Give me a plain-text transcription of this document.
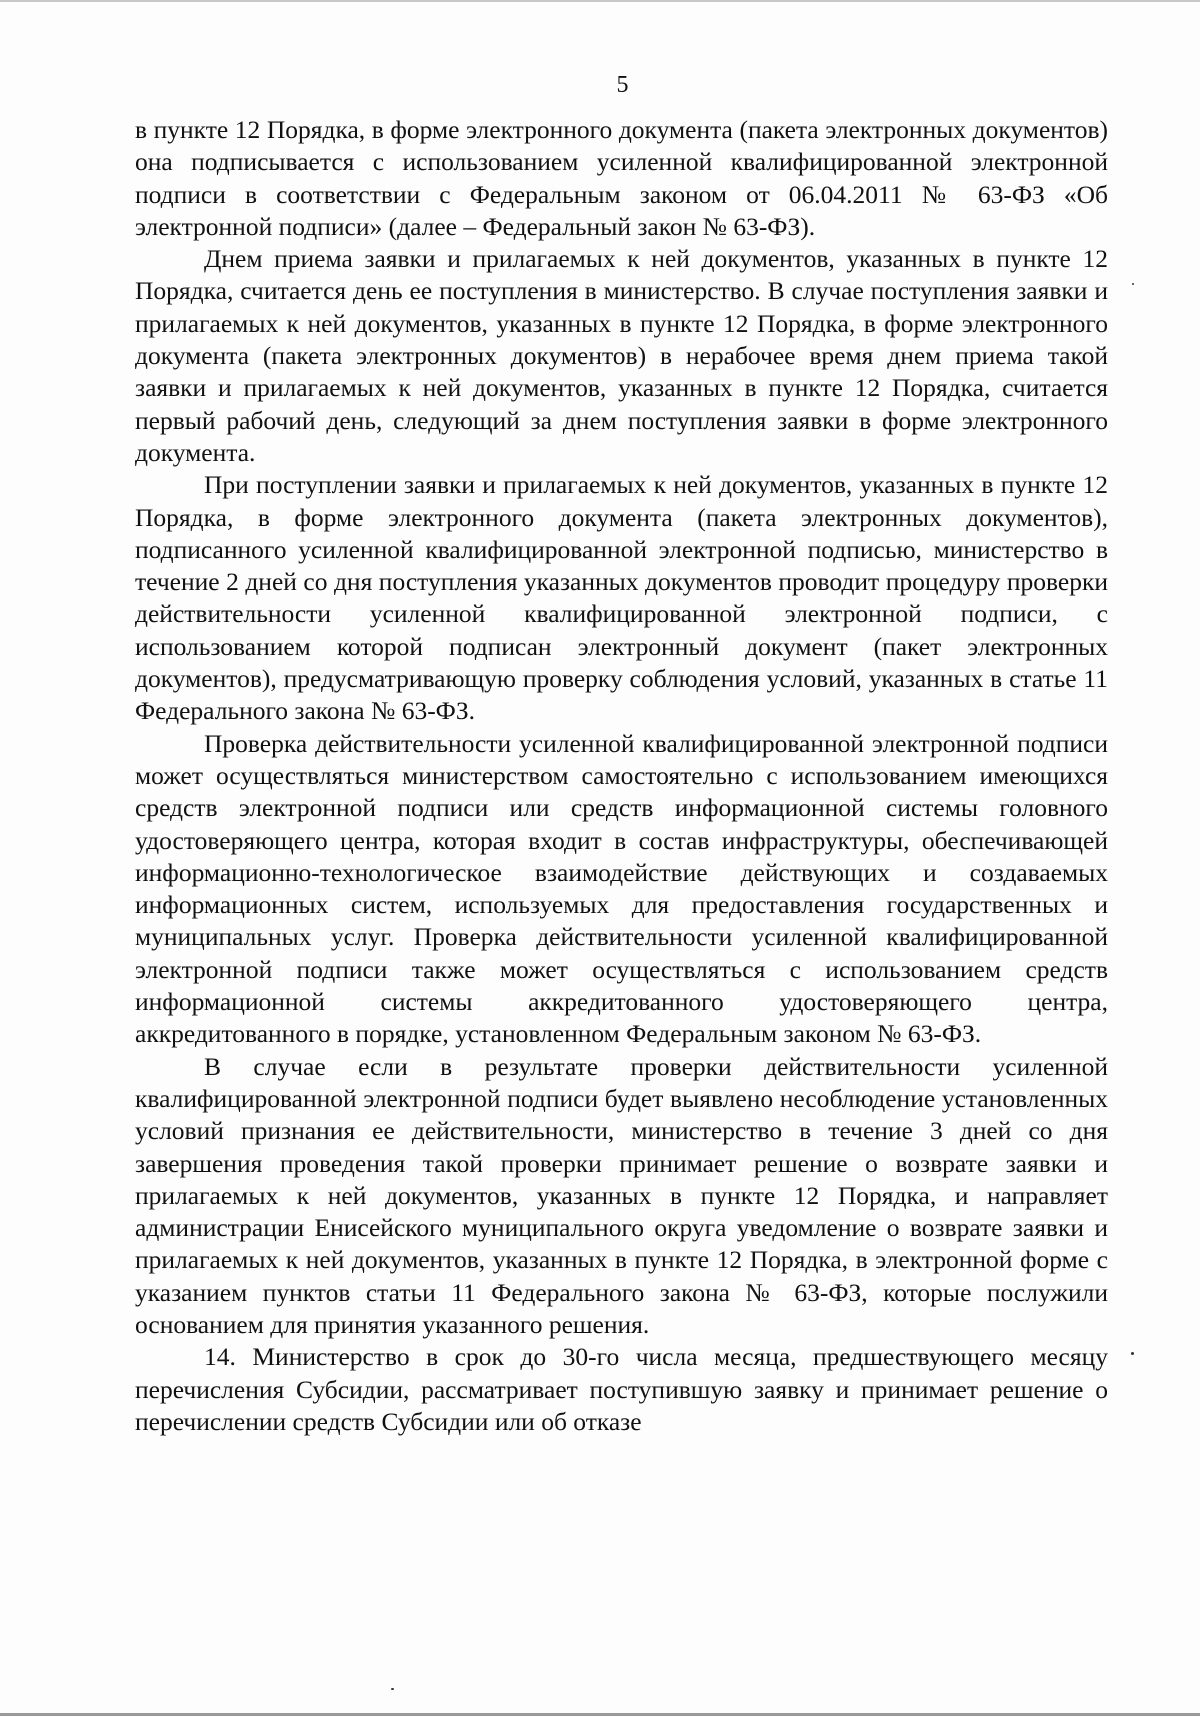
5

в пункте 12 Порядка, в форме электронного документа (пакета электронных документов) она подписывается с использованием усиленной квалифицированной электронной подписи в соответствии с Федеральным законом от 06.04.2011 № 63-ФЗ «Об электронной подписи» (далее – Федеральный закон № 63-ФЗ).

Днем приема заявки и прилагаемых к ней документов, указанных в пункте 12 Порядка, считается день ее поступления в министерство. В случае поступления заявки и прилагаемых к ней документов, указанных в пункте 12 Порядка, в форме электронного документа (пакета электронных документов) в нерабочее время днем приема такой заявки и прилагаемых к ней документов, указанных в пункте 12 Порядка, считается первый рабочий день, следующий за днем поступления заявки в форме электронного документа.

При поступлении заявки и прилагаемых к ней документов, указанных в пункте 12 Порядка, в форме электронного документа (пакета электронных документов), подписанного усиленной квалифицированной электронной подписью, министерство в течение 2 дней со дня поступления указанных документов проводит процедуру проверки действительности усиленной квалифицированной электронной подписи, с использованием которой подписан электронный документ (пакет электронных документов), предусматривающую проверку соблюдения условий, указанных в статье 11 Федерального закона № 63-ФЗ.

Проверка действительности усиленной квалифицированной электронной подписи может осуществляться министерством самостоятельно с использованием имеющихся средств электронной подписи или средств информационной системы головного удостоверяющего центра, которая входит в состав инфраструктуры, обеспечивающей информационно-технологическое взаимодействие действующих и создаваемых информационных систем, используемых для предоставления государственных и муниципальных услуг. Проверка действительности усиленной квалифицированной электронной подписи также может осуществляться с использованием средств информационной системы аккредитованного удостоверяющего центра, аккредитованного в порядке, установленном Федеральным законом № 63-ФЗ.

В случае если в результате проверки действительности усиленной квалифицированной электронной подписи будет выявлено несоблюдение установленных условий признания ее действительности, министерство в течение 3 дней со дня завершения проведения такой проверки принимает решение о возврате заявки и прилагаемых к ней документов, указанных в пункте 12 Порядка, и направляет администрации Енисейского муниципального округа уведомление о возврате заявки и прилагаемых к ней документов, указанных в пункте 12 Порядка, в электронной форме с указанием пунктов статьи 11 Федерального закона № 63-ФЗ, которые послужили основанием для принятия указанного решения.

14. Министерство в срок до 30-го числа месяца, предшествующего месяцу перечисления Субсидии, рассматривает поступившую заявку и принимает решение о перечислении средств Субсидии или об отказе
